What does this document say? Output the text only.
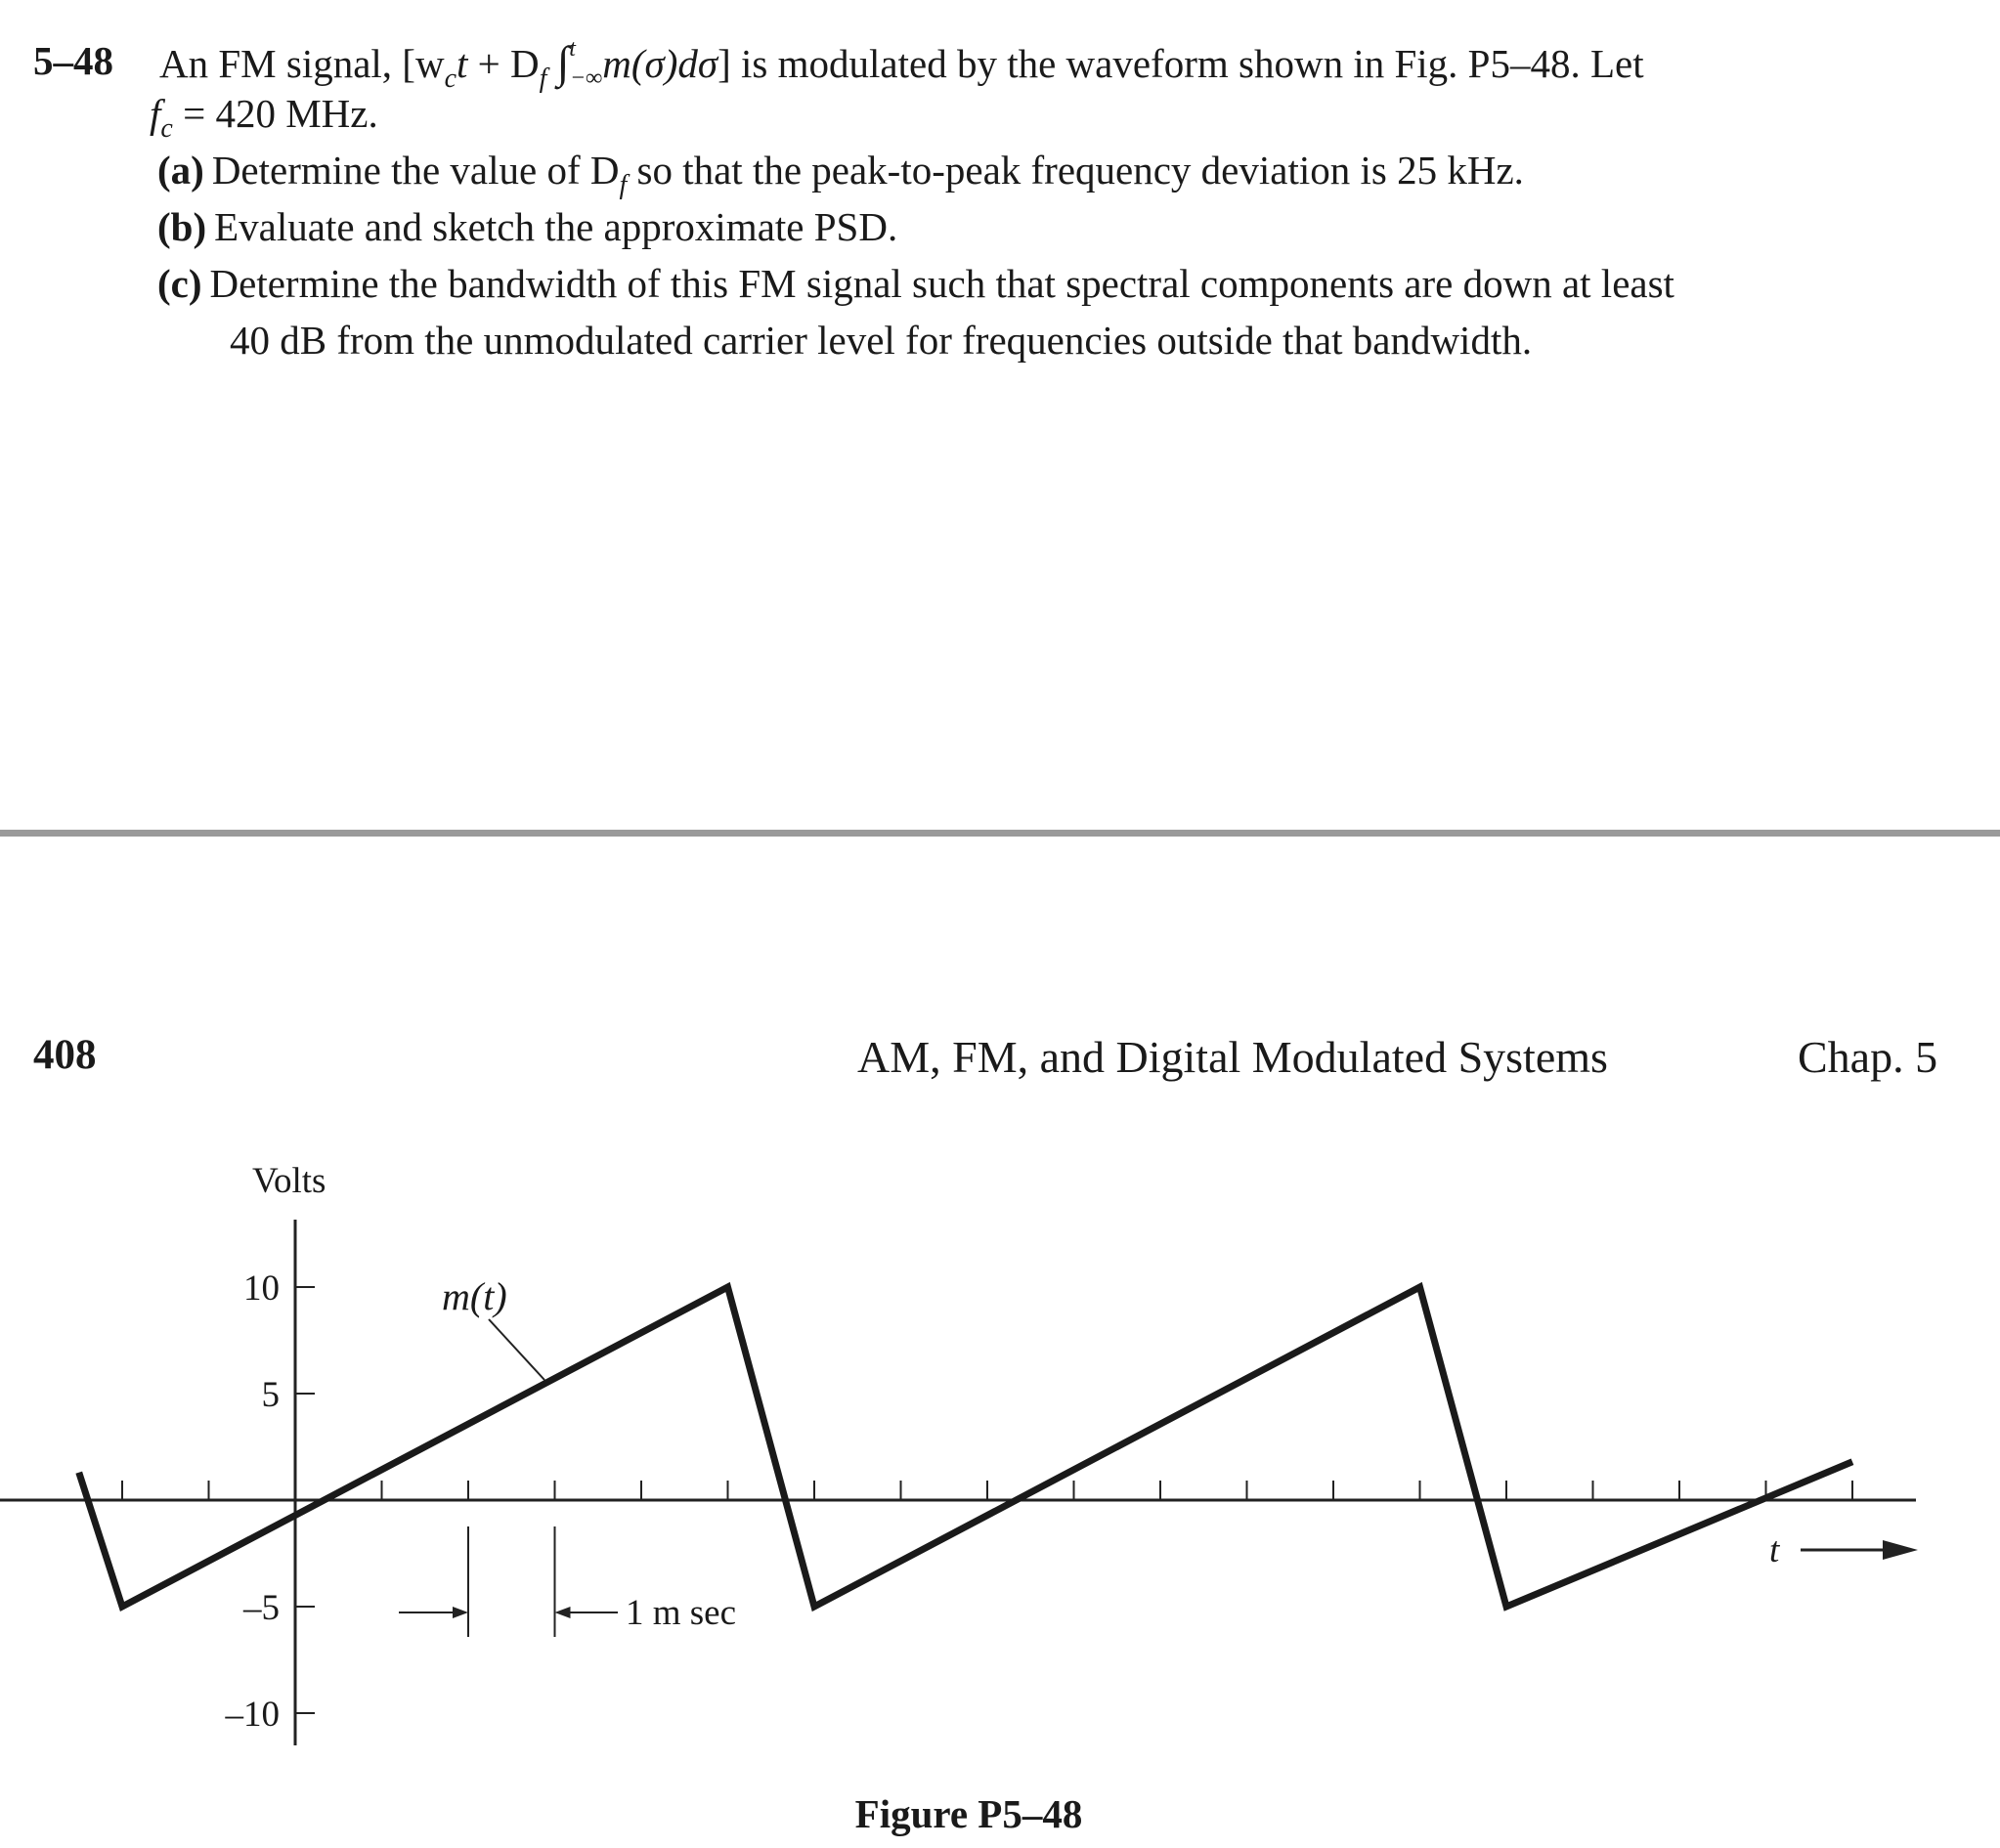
5–48 An FM signal, [$w_ct + D_f$ ∫$^t$−∞m(σ)dσ] is modulated by the waveform shown in Fig. P5–48. Let
$f_c = 420$ MHz.
(a) Determine the value of $D_f$ so that the peak-to-peak frequency deviation is 25 kHz.
(b) Evaluate and sketch the approximate PSD.
(c) Determine the bandwidth of this FM signal such that spectral components are down at least
40 dB from the unmodulated carrier level for frequencies outside that bandwidth.
408	AM, FM, and Digital Modulated Systems	Chap. 5
10
5
–5
–10
Volts
t
m(t)
1 m sec
Figure P5–48
